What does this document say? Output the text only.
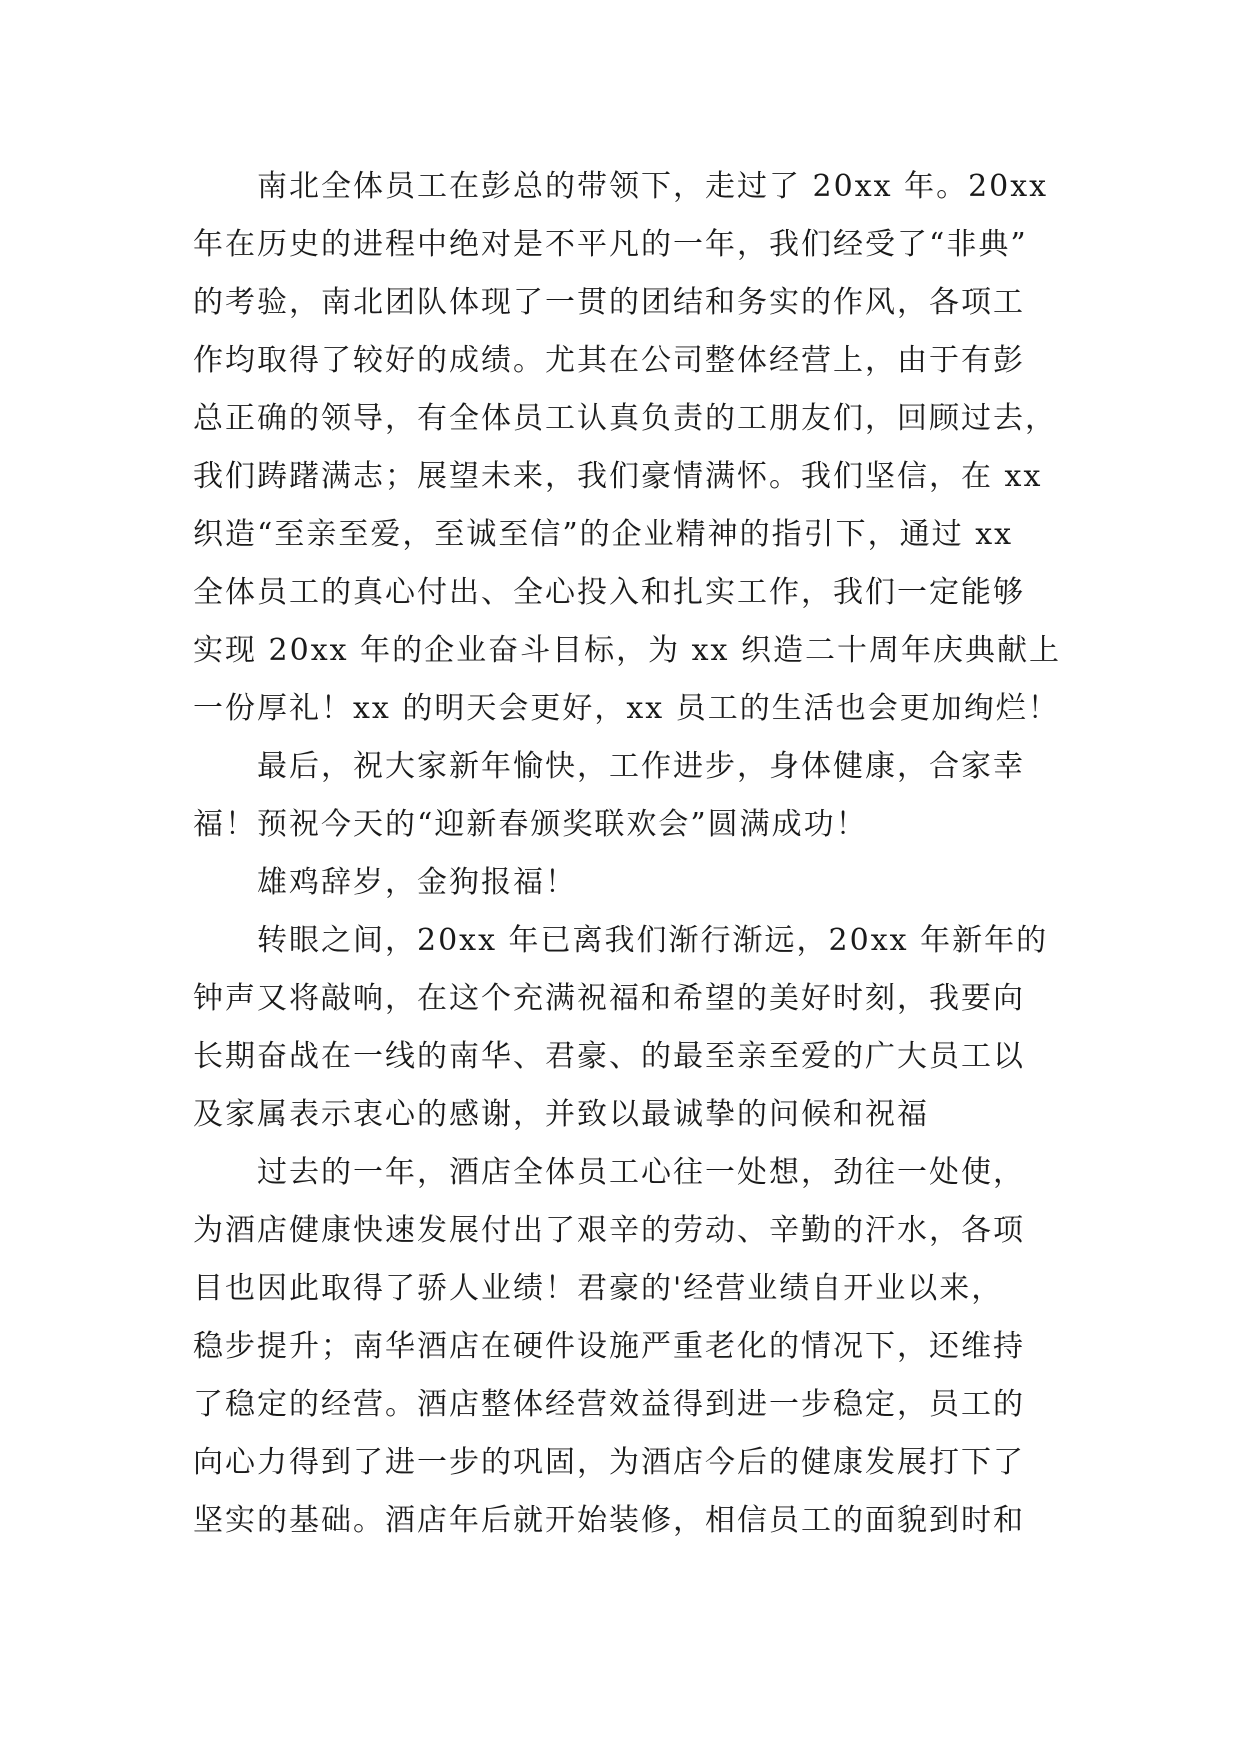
南北全体员工在彭总的带领下，走过了 20xx 年。20xx
年在历史的进程中绝对是不平凡的一年，我们经受了“非典”
的考验，南北团队体现了一贯的团结和务实的作风，各项工
作均取得了较好的成绩。尤其在公司整体经营上，由于有彭
总正确的领导，有全体员工认真负责的工朋友们，回顾过去，
我们踌躇满志；展望未来，我们豪情满怀。我们坚信，在 xx
织造“至亲至爱，至诚至信”的企业精神的指引下，通过 xx
全体员工的真心付出、全心投入和扎实工作，我们一定能够
实现 20xx 年的企业奋斗目标，为 xx 织造二十周年庆典献上
一份厚礼！xx 的明天会更好，xx 员工的生活也会更加绚烂！
最后，祝大家新年愉快，工作进步，身体健康，合家幸
福！预祝今天的“迎新春颁奖联欢会”圆满成功！
雄鸡辞岁，金狗报福！
转眼之间，20xx 年已离我们渐行渐远，20xx 年新年的
钟声又将敲响，在这个充满祝福和希望的美好时刻，我要向
长期奋战在一线的南华、君豪、的最至亲至爱的广大员工以
及家属表示衷心的感谢，并致以最诚挚的问候和祝福
过去的一年，酒店全体员工心往一处想，劲往一处使，
为酒店健康快速发展付出了艰辛的劳动、辛勤的汗水，各项
目也因此取得了骄人业绩！君豪的'经营业绩自开业以来，
稳步提升；南华酒店在硬件设施严重老化的情况下，还维持
了稳定的经营。酒店整体经营效益得到进一步稳定，员工的
向心力得到了进一步的巩固，为酒店今后的健康发展打下了
坚实的基础。酒店年后就开始装修，相信员工的面貌到时和
